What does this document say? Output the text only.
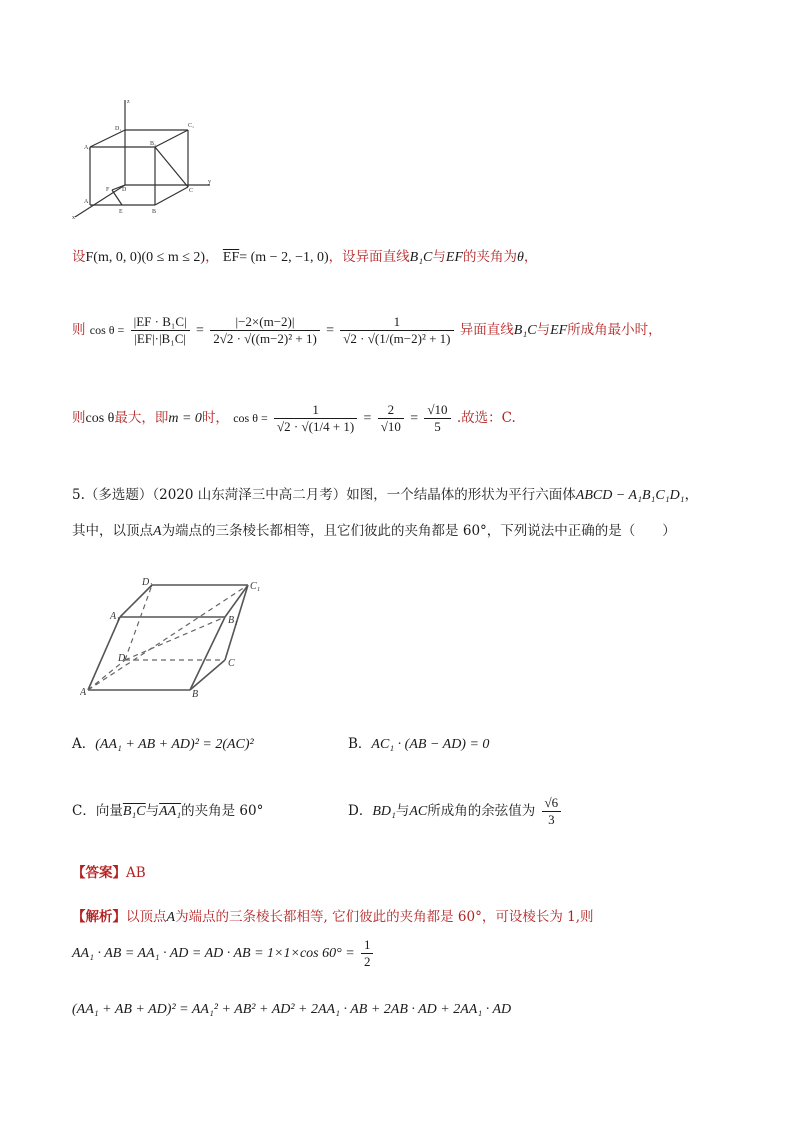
z
D₁	C₁
A₁
B₁
y
F D
A
E	B
C
x
设F(m, 0, 0)(0 ≤ m ≤ 2)， $\overline{EF}= (m - 2$, −1, 0)，设异面直线B₁C与EF的夹角为θ，
则 $\cos \theta = \frac{\text{|EF · B₁C|}}{\text{|EF|·|B₁C|}} = \frac{|-2\times(m-2)|}{\text{2√2 · √((m−2)² + 1)}} = \frac{1}{\text{√2 · √(1/(m−2)² + 1)}}$ 异面直线B₁C与EF所成角最小时，
则cos θ最大，即m = 0时， $\cos \theta = \frac{1}{√2 \cdot √(1/4 + 1)} = \frac{2}{√10} = \frac{√10}{5}$ .故选：C.
5.（多选题）（2020 山东菏泽三中高二月考）如图，一个结晶体的形状为平行六面体ABCD − A₁B₁C₁D₁，
其中，以顶点A为端点的三条棱长都相等，且它们彼此的夹角都是 60°，下列说法中正确的是（　　）
D₁	C₁
A₁	B₁
D	C
A	B
A．(AA₁ + AB + AD)² = 2(AC)²	B．AC₁ · (AB − AD) = 0
C．向量B₁C与AA₁的夹角是 60°	D．BD₁与AC所成角的余弦值为 $\frac{√6}{3}$
【答案】AB
【解析】以顶点A为端点的三条棱长都相等, 它们彼此的夹角都是 60°，可设棱长为 1,则
AA₁ · AB = AA₁ · AD = AD · AB = 1×1×cos $60^\circ = \frac{1}{2}$
(AA₁ + AB + AD)² = AA₁² + AB² + AD² + 2AA₁ · AB + 2AB · AD + 2AA₁ · AD
